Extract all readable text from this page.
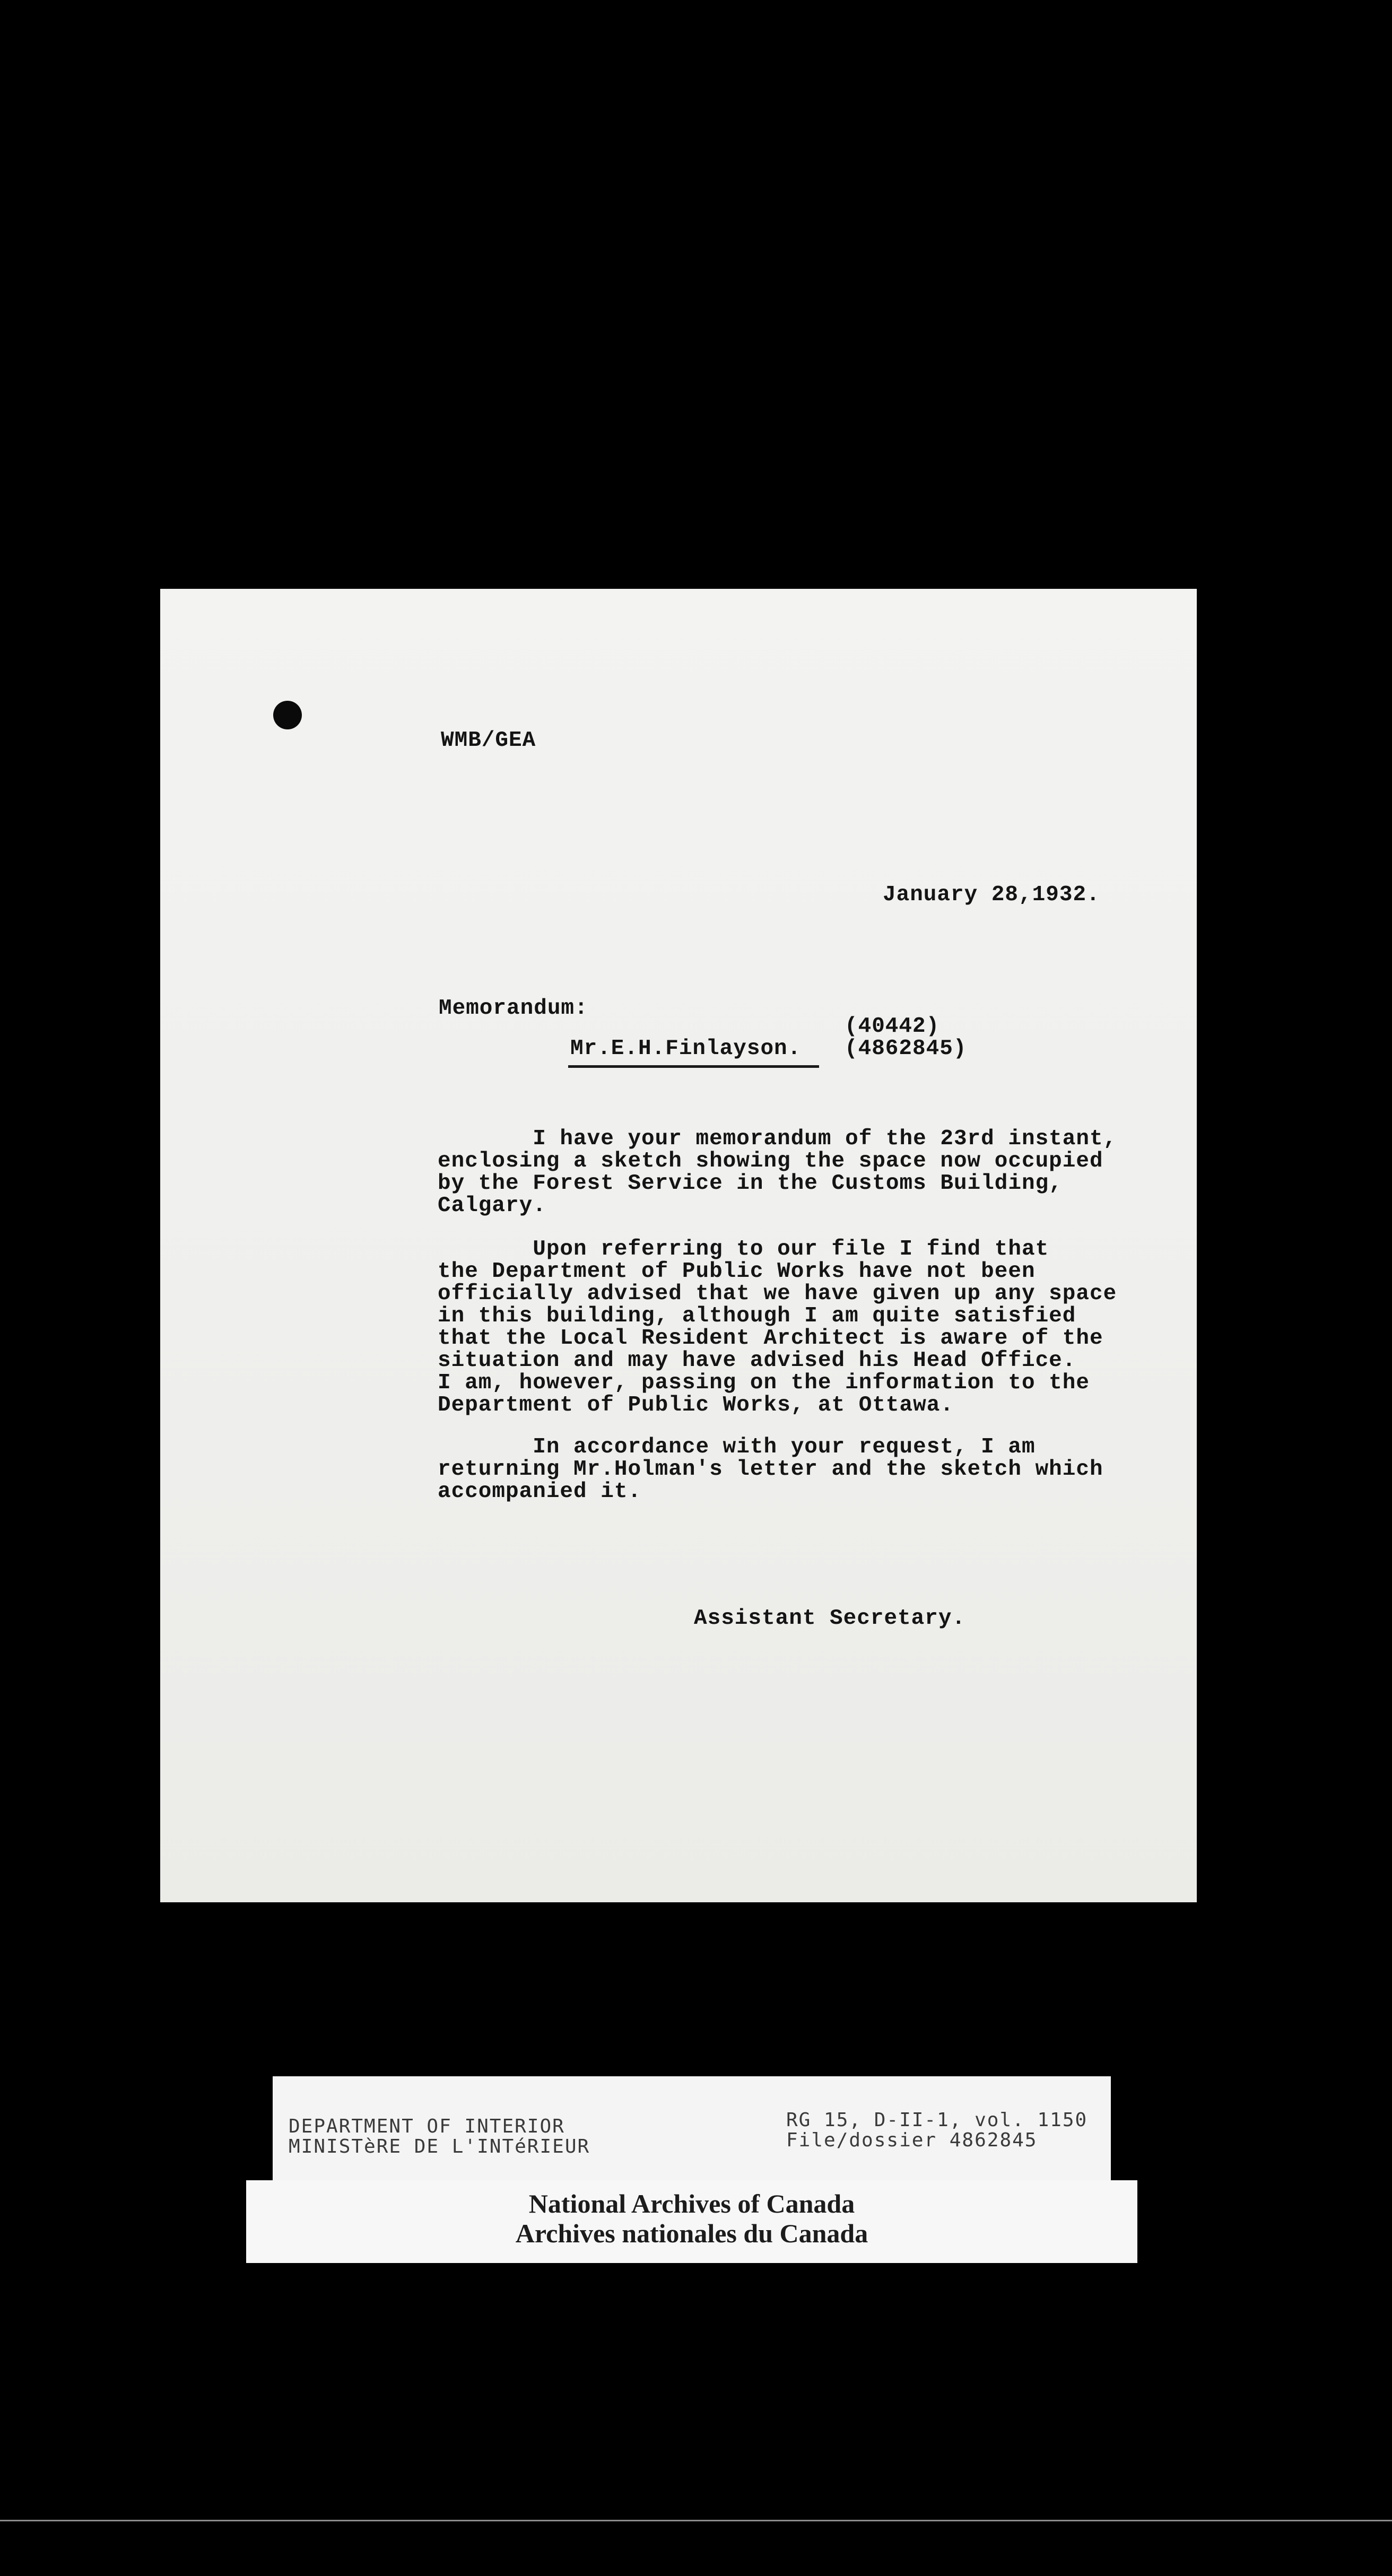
WMB/GEA
January 28,1932.
Memorandum:
(40442)
(4862845)
Mr.E.H.Finlayson.
I have your memorandum of the 23rd instant,
enclosing a sketch showing the space now occupied
by the Forest Service in the Customs Building,
Calgary.
Upon referring to our file I find that
the Department of Public Works have not been
officially advised that we have given up any space
in this building, although I am quite satisfied
that the Local Resident Architect is aware of the
situation and may have advised his Head Office.
I am, however, passing on the information to the
Department of Public Works, at Ottawa.
In accordance with your request, I am
returning Mr.Holman's letter and the sketch which
accompanied it.
Assistant Secretary.
DEPARTMENT OF INTERIOR
MINISTèRE DE L'INTéRIEUR
RG 15, D-II-1, vol. 1150
File/dossier 4862845
National Archives of Canada
Archives nationales du Canada
